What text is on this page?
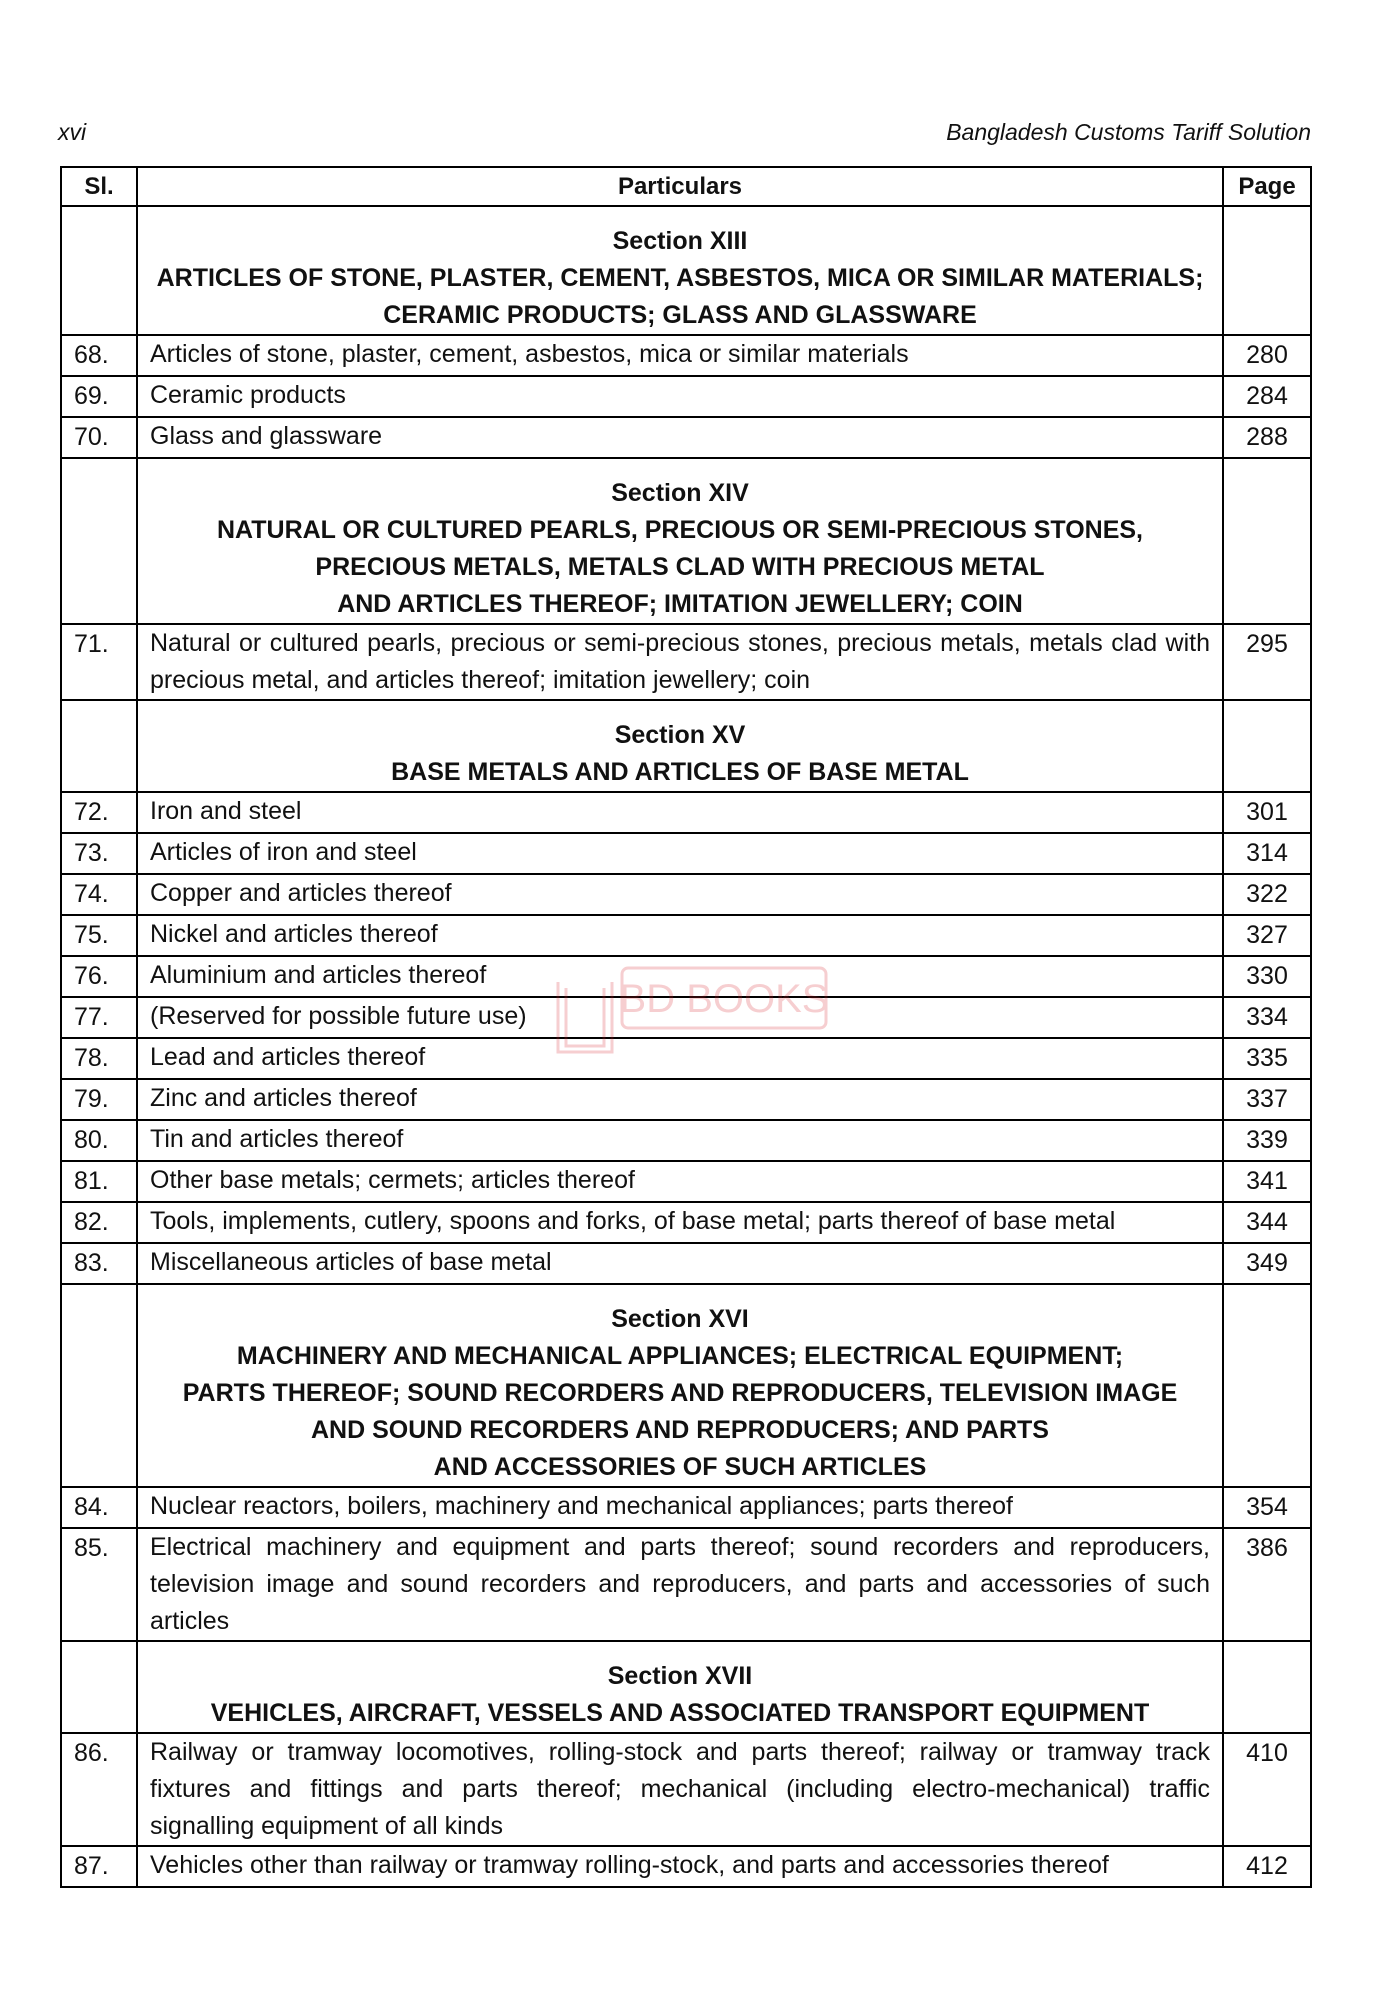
xvi	Bangladesh Customs Tariff Solution
Sl.	Particulars	Page

	Section XIII
ARTICLES OF STONE, PLASTER, CEMENT, ASBESTOS, MICA OR SIMILAR MATERIALS;
CERAMIC PRODUCTS; GLASS AND GLASSWARE	

68.	Articles of stone, plaster, cement, asbestos, mica or similar materials	280
69.	Ceramic products	284
70.	Glass and glassware	288

	Section XIV
NATURAL OR CULTURED PEARLS, PRECIOUS OR SEMI-PRECIOUS STONES,
PRECIOUS METALS, METALS CLAD WITH PRECIOUS METAL
AND ARTICLES THEREOF; IMITATION JEWELLERY; COIN	

71.	Natural or cultured pearls, precious or semi-precious stones, precious metals, metals clad with precious metal, and articles thereof; imitation jewellery; coin	295

	Section XV
BASE METALS AND ARTICLES OF BASE METAL	

72.	Iron and steel	301
73.	Articles of iron and steel	314
74.	Copper and articles thereof	322
75.	Nickel and articles thereof	327
76.	Aluminium and articles thereof	330
77.	(Reserved for possible future use)	334
78.	Lead and articles thereof	335
79.	Zinc and articles thereof	337
80.	Tin and articles thereof	339
81.	Other base metals; cermets; articles thereof	341
82.	Tools, implements, cutlery, spoons and forks, of base metal; parts thereof of base metal	344
83.	Miscellaneous articles of base metal	349

	Section XVI
MACHINERY AND MECHANICAL APPLIANCES; ELECTRICAL EQUIPMENT;
PARTS THEREOF; SOUND RECORDERS AND REPRODUCERS, TELEVISION IMAGE
AND SOUND RECORDERS AND REPRODUCERS; AND PARTS
AND ACCESSORIES OF SUCH ARTICLES	

84.	Nuclear reactors, boilers, machinery and mechanical appliances; parts thereof	354
85.	Electrical machinery and equipment and parts thereof; sound recorders and reproducers, television image and sound recorders and reproducers, and parts and accessories of such articles	386

	Section XVII
VEHICLES, AIRCRAFT, VESSELS AND ASSOCIATED TRANSPORT EQUIPMENT	

86.	Railway or tramway locomotives, rolling-stock and parts thereof; railway or tramway track fixtures and fittings and parts thereof; mechanical (including electro-mechanical) traffic signalling equipment of all kinds	410
87.	Vehicles other than railway or tramway rolling-stock, and parts and accessories thereof	412
BD BOOKS
